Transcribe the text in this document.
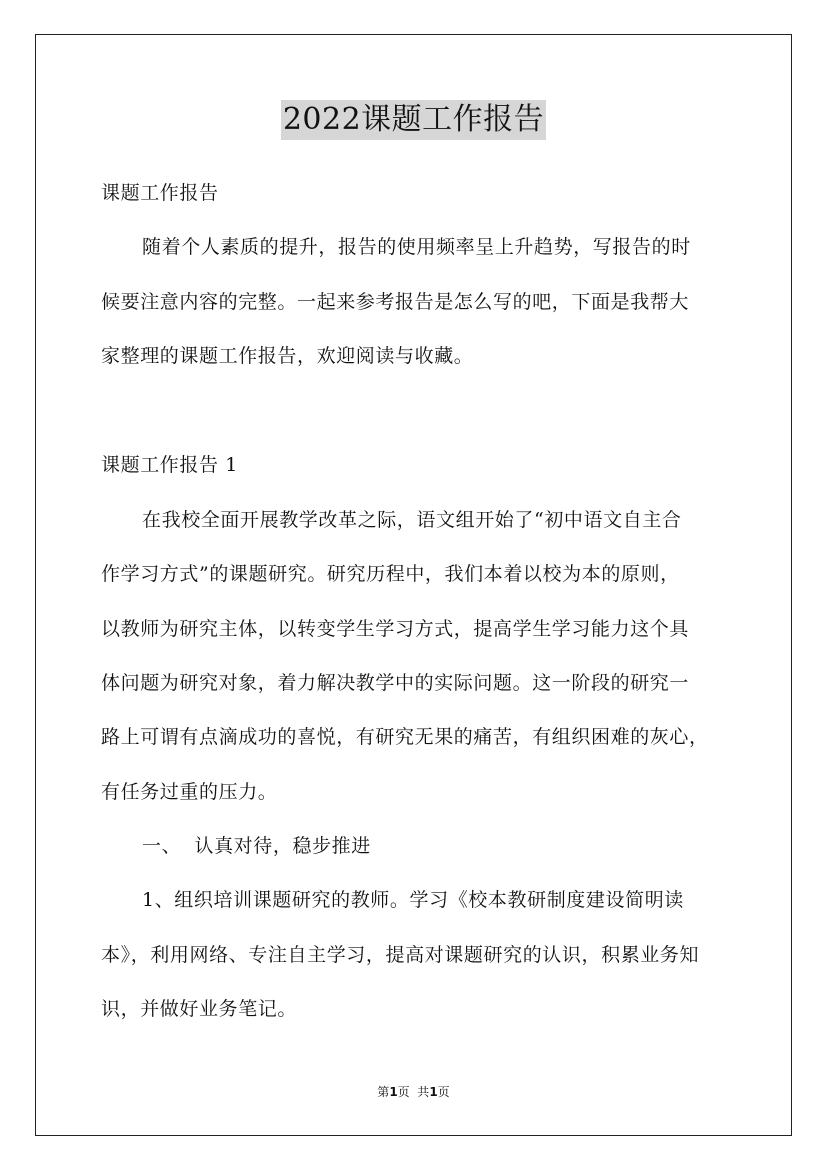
2022课题工作报告
课题工作报告
随着个人素质的提升，报告的使用频率呈上升趋势，写报告的时
候要注意内容的完整。一起来参考报告是怎么写的吧，下面是我帮大
家整理的课题工作报告，欢迎阅读与收藏。
课题工作报告 1
在我校全面开展教学改革之际，语文组开始了“初中语文自主合
作学习方式”的课题研究。研究历程中，我们本着以校为本的原则，
以教师为研究主体，以转变学生学习方式，提高学生学习能力这个具
体问题为研究对象，着力解决教学中的实际问题。这一阶段的研究一
路上可谓有点滴成功的喜悦，有研究无果的痛苦，有组织困难的灰心，
有任务过重的压力。
一、  认真对待，稳步推进
1、组织培训课题研究的教师。学习《校本教研制度建设简明读
本》，利用网络、专注自主学习，提高对课题研究的认识，积累业务知
识，并做好业务笔记。
第1页  共1页
